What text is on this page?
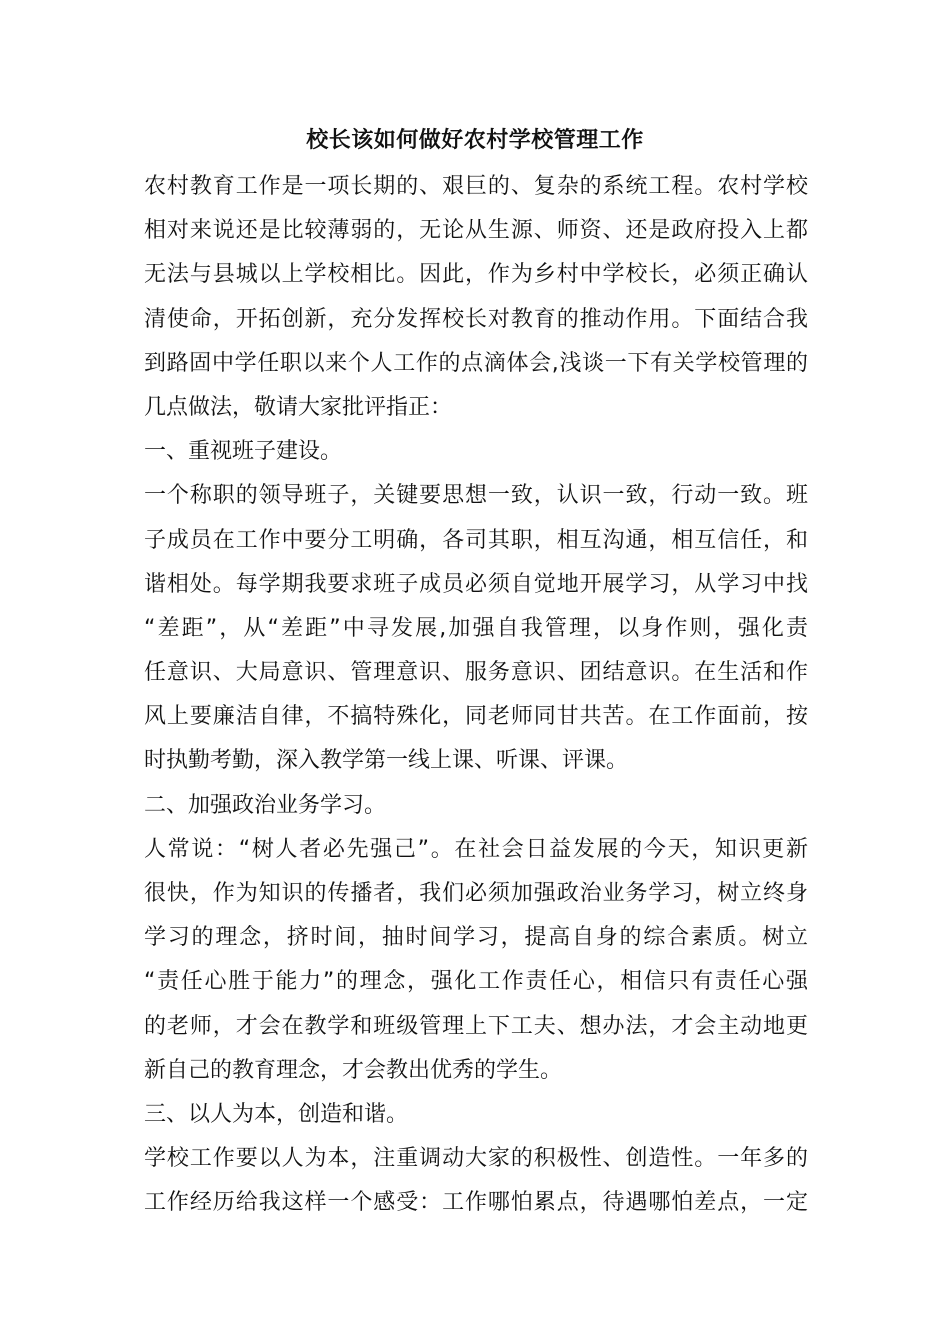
校长该如何做好农村学校管理工作
农村教育工作是一项长期的、艰巨的、复杂的系统工程。农村学校
相对来说还是比较薄弱的，无论从生源、师资、还是政府投入上都
无法与县城以上学校相比。因此，作为乡村中学校长，必须正确认
清使命，开拓创新，充分发挥校长对教育的推动作用。下面结合我
到路固中学任职以来个人工作的点滴体会,浅谈一下有关学校管理的
几点做法，敬请大家批评指正：
一、重视班子建设。
一个称职的领导班子，关键要思想一致，认识一致，行动一致。班
子成员在工作中要分工明确，各司其职，相互沟通，相互信任，和
谐相处。每学期我要求班子成员必须自觉地开展学习，从学习中找
“差距”，从“差距”中寻发展,加强自我管理，以身作则，强化责
任意识、大局意识、管理意识、服务意识、团结意识。在生活和作
风上要廉洁自律，不搞特殊化，同老师同甘共苦。在工作面前，按
时执勤考勤，深入教学第一线上课、听课、评课。
二、加强政治业务学习。
人常说：“树人者必先强己”。在社会日益发展的今天，知识更新
很快，作为知识的传播者，我们必须加强政治业务学习，树立终身
学习的理念，挤时间，抽时间学习，提高自身的综合素质。树立
“责任心胜于能力”的理念，强化工作责任心，相信只有责任心强
的老师，才会在教学和班级管理上下工夫、想办法，才会主动地更
新自己的教育理念，才会教出优秀的学生。
三、以人为本，创造和谐。
学校工作要以人为本，注重调动大家的积极性、创造性。一年多的
工作经历给我这样一个感受：工作哪怕累点，待遇哪怕差点，一定
